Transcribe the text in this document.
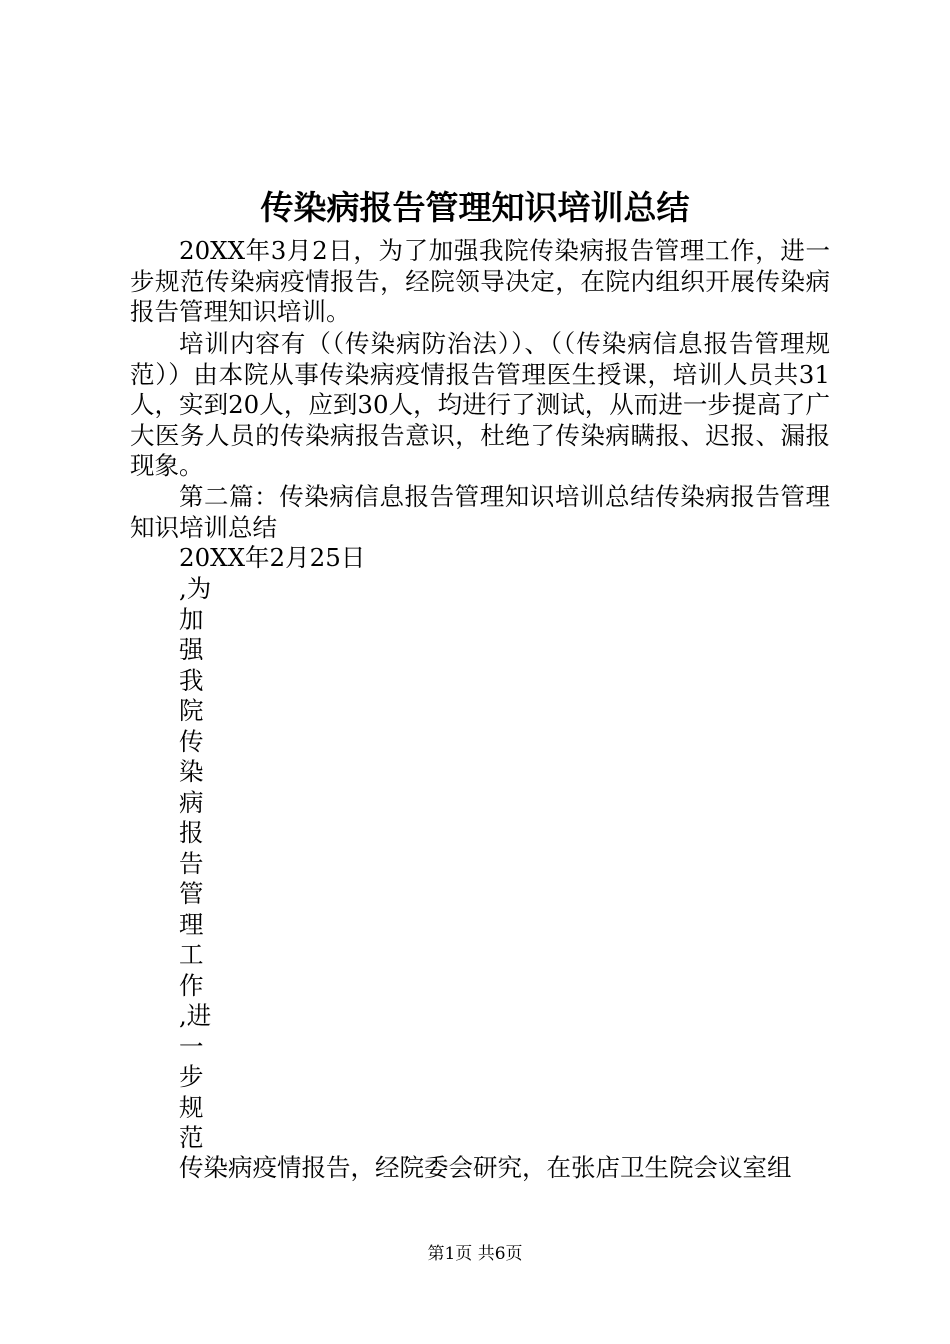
传染病报告管理知识培训总结

20XX年3月2日，为了加强我院传染病报告管理工作，进一步规范传染病疫情报告，经院领导决定，在院内组织开展传染病报告管理知识培训。

培训内容有（（传染病防治法））、（（传染病信息报告管理规范））由本院从事传染病疫情报告管理医生授课，培训人员共31人，实到20人，应到30人，均进行了测试，从而进一步提高了广大医务人员的传染病报告意识，杜绝了传染病瞒报、迟报、漏报现象。

第二篇：传染病信息报告管理知识培训总结传染病报告管理知识培训总结

20XX年2月25日

,为
加
强
我
院
传
染
病
报
告
管
理
工
作
,进
一
步
规
范

传染病疫情报告，经院委会研究，在张店卫生院会议室组

第1页 共6页
